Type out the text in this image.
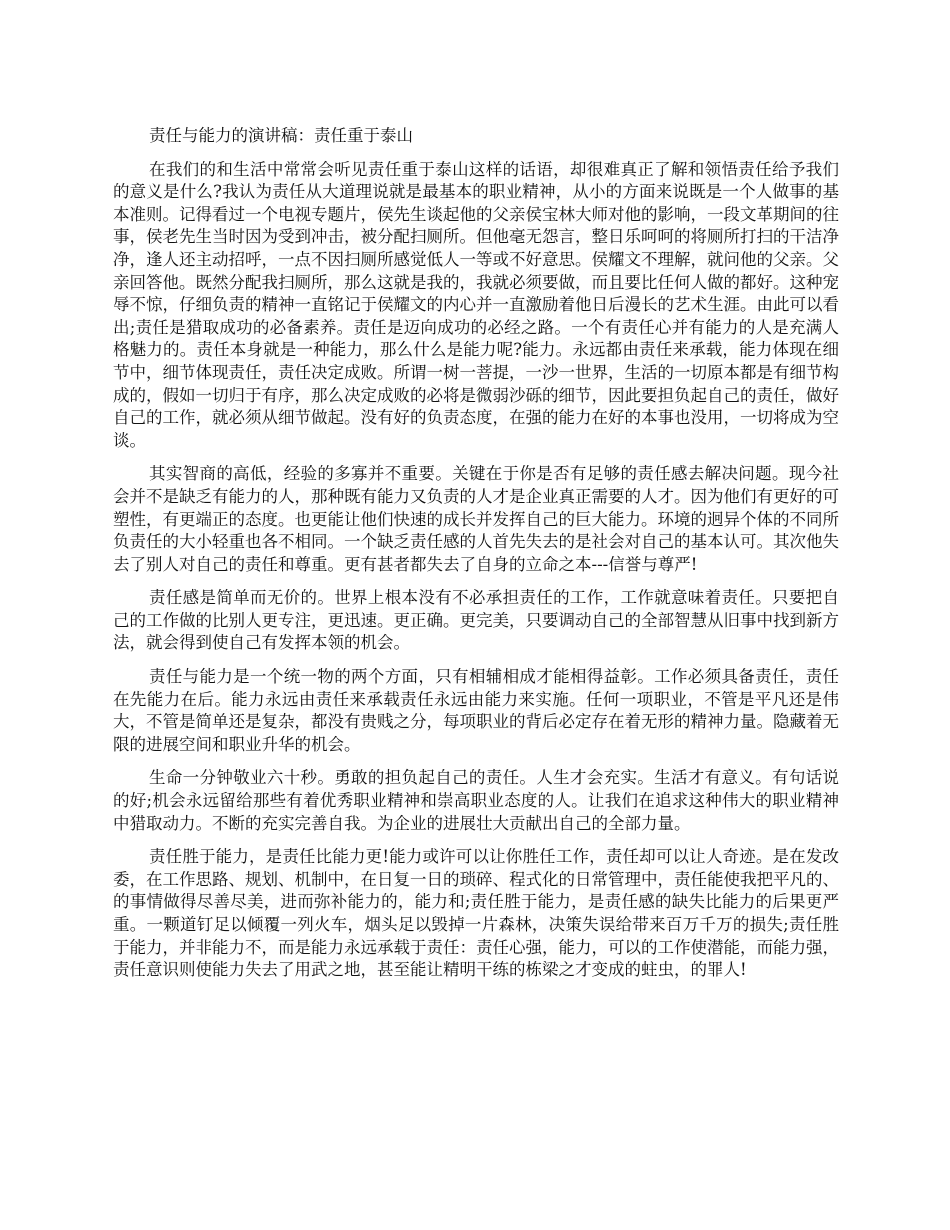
责任与能力的演讲稿：责任重于泰山

在我们的和生活中常常会听见责任重于泰山这样的话语，却很难真正了解和领悟责任给予我们的意义是什么?我认为责任从大道理说就是最基本的职业精神，从小的方面来说既是一个人做事的基本准则。记得看过一个电视专题片，侯先生谈起他的父亲侯宝林大师对他的影响，一段文革期间的往事，侯老先生当时因为受到冲击，被分配扫厕所。但他毫无怨言，整日乐呵呵的将厕所打扫的干洁净净，逢人还主动招呼，一点不因扫厕所感觉低人一等或不好意思。侯耀文不理解，就问他的父亲。父亲回答他。既然分配我扫厕所，那么这就是我的，我就必须要做，而且要比任何人做的都好。这种宠辱不惊，仔细负责的精神一直铭记于侯耀文的内心并一直激励着他日后漫长的艺术生涯。由此可以看出;责任是猎取成功的必备素养。责任是迈向成功的必经之路。一个有责任心并有能力的人是充满人格魅力的。责任本身就是一种能力，那么什么是能力呢?能力。永远都由责任来承载，能力体现在细节中，细节体现责任，责任决定成败。所谓一树一菩提，一沙一世界，生活的一切原本都是有细节构成的，假如一切归于有序，那么决定成败的必将是微弱沙砾的细节，因此要担负起自己的责任，做好自己的工作，就必须从细节做起。没有好的负责态度，在强的能力在好的本事也没用，一切将成为空谈。

其实智商的高低，经验的多寡并不重要。关键在于你是否有足够的责任感去解决问题。现今社会并不是缺乏有能力的人，那种既有能力又负责的人才是企业真正需要的人才。因为他们有更好的可塑性，有更端正的态度。也更能让他们快速的成长并发挥自己的巨大能力。环境的迥异个体的不同所负责任的大小轻重也各不相同。一个缺乏责任感的人首先失去的是社会对自己的基本认可。其次他失去了别人对自己的责任和尊重。更有甚者都失去了自身的立命之本---信誉与尊严!

责任感是简单而无价的。世界上根本没有不必承担责任的工作，工作就意味着责任。只要把自己的工作做的比别人更专注，更迅速。更正确。更完美，只要调动自己的全部智慧从旧事中找到新方法，就会得到使自己有发挥本领的机会。

责任与能力是一个统一物的两个方面，只有相辅相成才能相得益彰。工作必须具备责任，责任在先能力在后。能力永远由责任来承载责任永远由能力来实施。任何一项职业，不管是平凡还是伟大，不管是简单还是复杂，都没有贵贱之分，每项职业的背后必定存在着无形的精神力量。隐藏着无限的进展空间和职业升华的机会。

生命一分钟敬业六十秒。勇敢的担负起自己的责任。人生才会充实。生活才有意义。有句话说的好;机会永远留给那些有着优秀职业精神和崇高职业态度的人。让我们在追求这种伟大的职业精神中猎取动力。不断的充实完善自我。为企业的进展壮大贡献出自己的全部力量。

责任胜于能力，是责任比能力更!能力或许可以让你胜任工作，责任却可以让人奇迹。是在发改委，在工作思路、规划、机制中，在日复一日的琐碎、程式化的日常管理中，责任能使我把平凡的、的事情做得尽善尽美，进而弥补能力的，能力和;责任胜于能力，是责任感的缺失比能力的后果更严重。一颗道钉足以倾覆一列火车，烟头足以毁掉一片森林，决策失误给带来百万千万的损失;责任胜于能力，并非能力不，而是能力永远承载于责任：责任心强，能力，可以的工作使潜能，而能力强，责任意识则使能力失去了用武之地，甚至能让精明干练的栋梁之才变成的蛀虫，的罪人!
